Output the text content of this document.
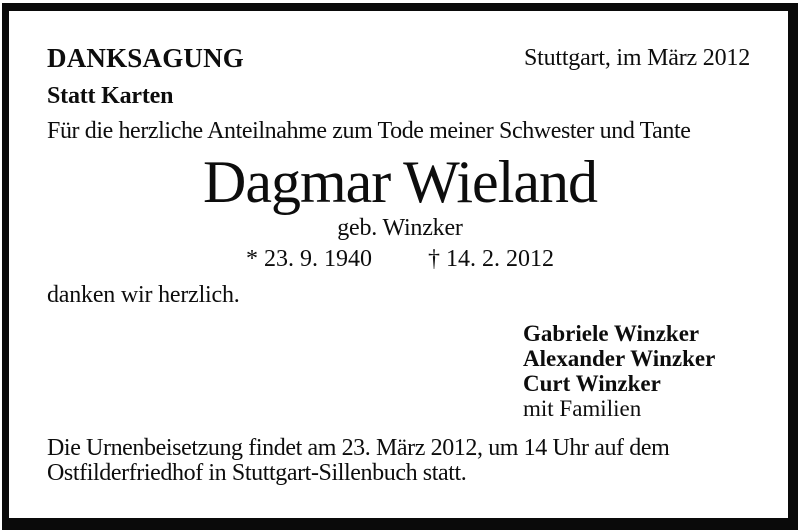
DANKSAGUNG	Stuttgart, im März 2012
Statt Karten
Für die herzliche Anteilnahme zum Tode meiner Schwester und Tante
Dagmar Wieland
geb. Winzker
* 23. 9. 1940 † 14. 2. 2012
danken wir herzlich.
Gabriele Winzker
Alexander Winzker
Curt Winzker
mit Familien
Die Urnenbeisetzung findet am 23. März 2012, um 14 Uhr auf dem
Ostfilderfriedhof in Stuttgart-Sillenbuch statt.
